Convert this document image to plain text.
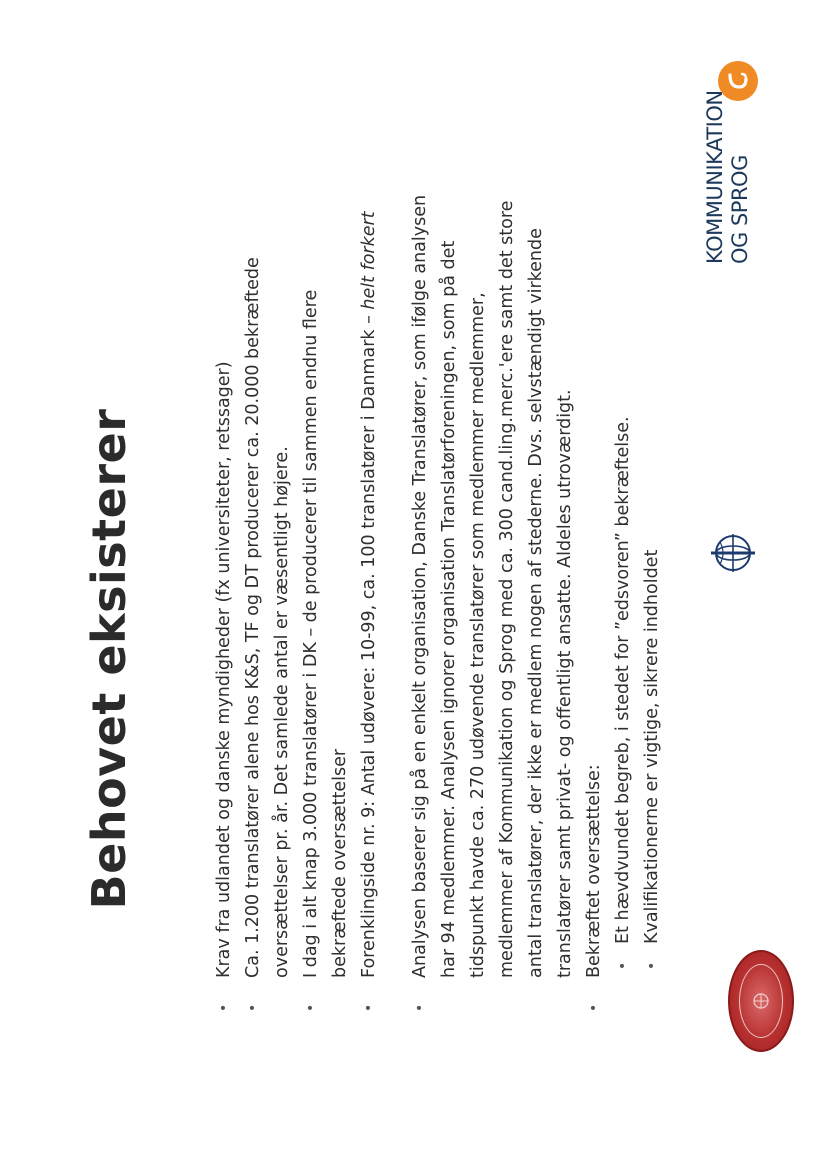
Behovet eksisterer	• Krav fra udlandet og danske myndigheder (fx universiteter, retssager) • Ca. 1.200 translatører alene hos K&S, TF og DT producerer ca. 20.000 bekræftede oversættelser pr. år. Det samlede antal er væsentligt højere. • I dag i alt knap 3.000 translatører i DK – de producerer til sammen endnu flere bekræftede oversættelser • Forenklingside nr. 9: Antal udøvere: 10-99, ca. 100 translatører i Danmark – helt forkert • Analysen baserer sig på en enkelt organisation, Danske Translatører, som ifølge analysen har 94 medlemmer. Analysen ignorer organisation Translatørforeningen, som på det tidspunkt havde ca. 270 udøvende translatører som medlemmer medlemmer, medlemmer af Kommunikation og Sprog med ca. 300 cand.ling.merc.'ere samt det store antal translatører, der ikke er medlem nogen af stederne. Dvs. selvstændigt virkende translatører samt privat- og offentligt ansatte. Aldeles utroværdigt. • Bekræftet oversættelse: • Et hævdvundet begreb, i stedet for ”edsvoren” bekræftelse. • Kvalifikationerne er vigtige, sikrere indholdet
KOMMUNIKATION OG SPROG
